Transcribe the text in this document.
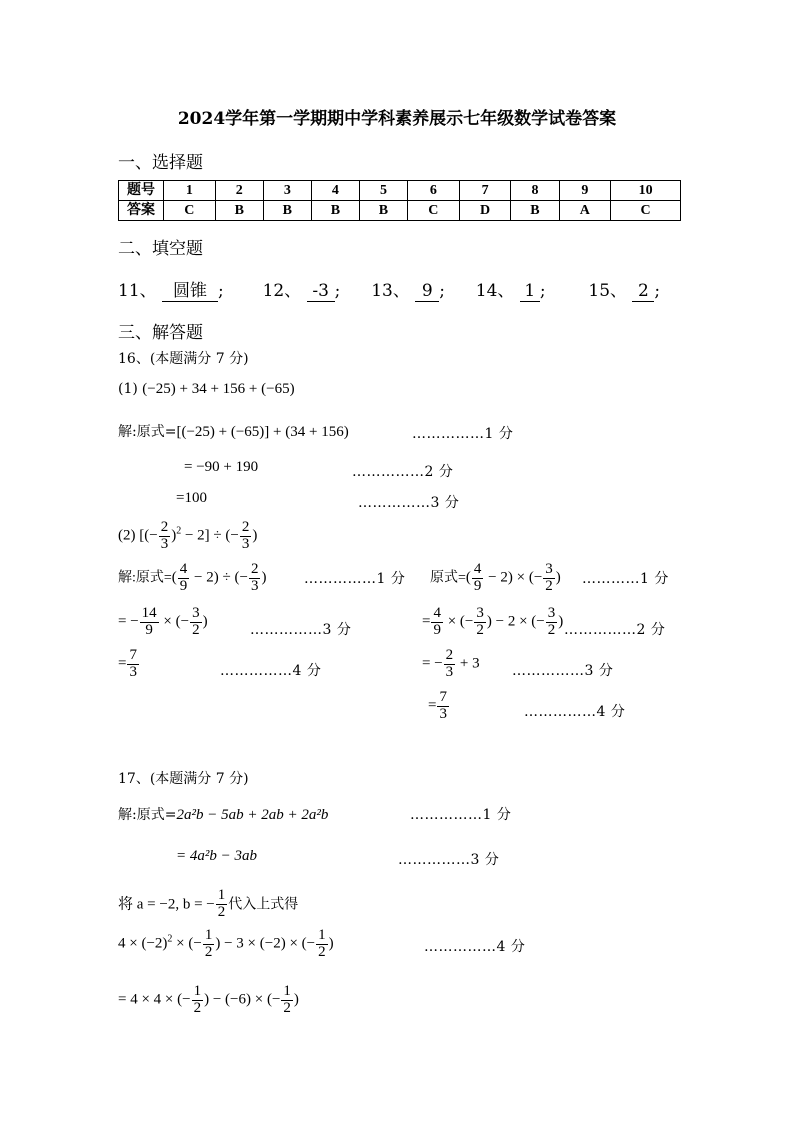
2024学年第一学期期中学科素养展示七年级数学试卷答案
一、选择题
题号	1	2	3	4	5	6	7	8	9	10
答案	C	B	B	B	B	C	D	B	A	C
二、填空题
11、 圆锥 ; 12、 -3 ; 13、 9 ; 14、 1 ;	15、 2 ;
三、解答题
16、(本题满分 7 分)
(1) (−25) + 34 + 156 + (−65)
解:原式=[(−25) + (−65)] + (34 + 156)	……………1 分
= −90 + 190	……………2 分
=100	……………3 分
(2) [(− $\frac{2}{3} )^2 - 2$] ÷ (− $\frac{2}{3}$ )
解:原式=( $\frac{4}{9} - 2$) ÷ (− $\frac{2}{3}$ )	……………1 分
= − $\frac{14}{9}$ × (− $\frac{3}{2}$ )
……………3 分
= $\frac{7}{3}$	……………4 分
原式=( $\frac{4}{9} - 2$) × (− $\frac{3}{2}$ ) …………1 分
= $\frac{4}{9}$ × (− $\frac{3}{2}$ ) − 2 × (− $\frac{3}{2}$ )
……………2 分
= − $\frac{2}{3} + 3$ ……………3 分
= $\frac{7}{3}$	……………4 分
17、(本题满分 7 分)
解:原式=2a²b − 5ab + 2ab + 2a²b	……………1 分
= 4a²b − 3ab	……………3 分
将 a = −2, b = − $\frac{1}{2}$ 代入上式得
$4 \times (-2)^2$ × (− $\frac{1}{2}$ ) − 3 × (−2) × (− $\frac{1}{2}$ )	……………4 分
= 4 × 4 × (− $\frac{1}{2}$ ) − (−6) × (− $\frac{1}{2}$ )
